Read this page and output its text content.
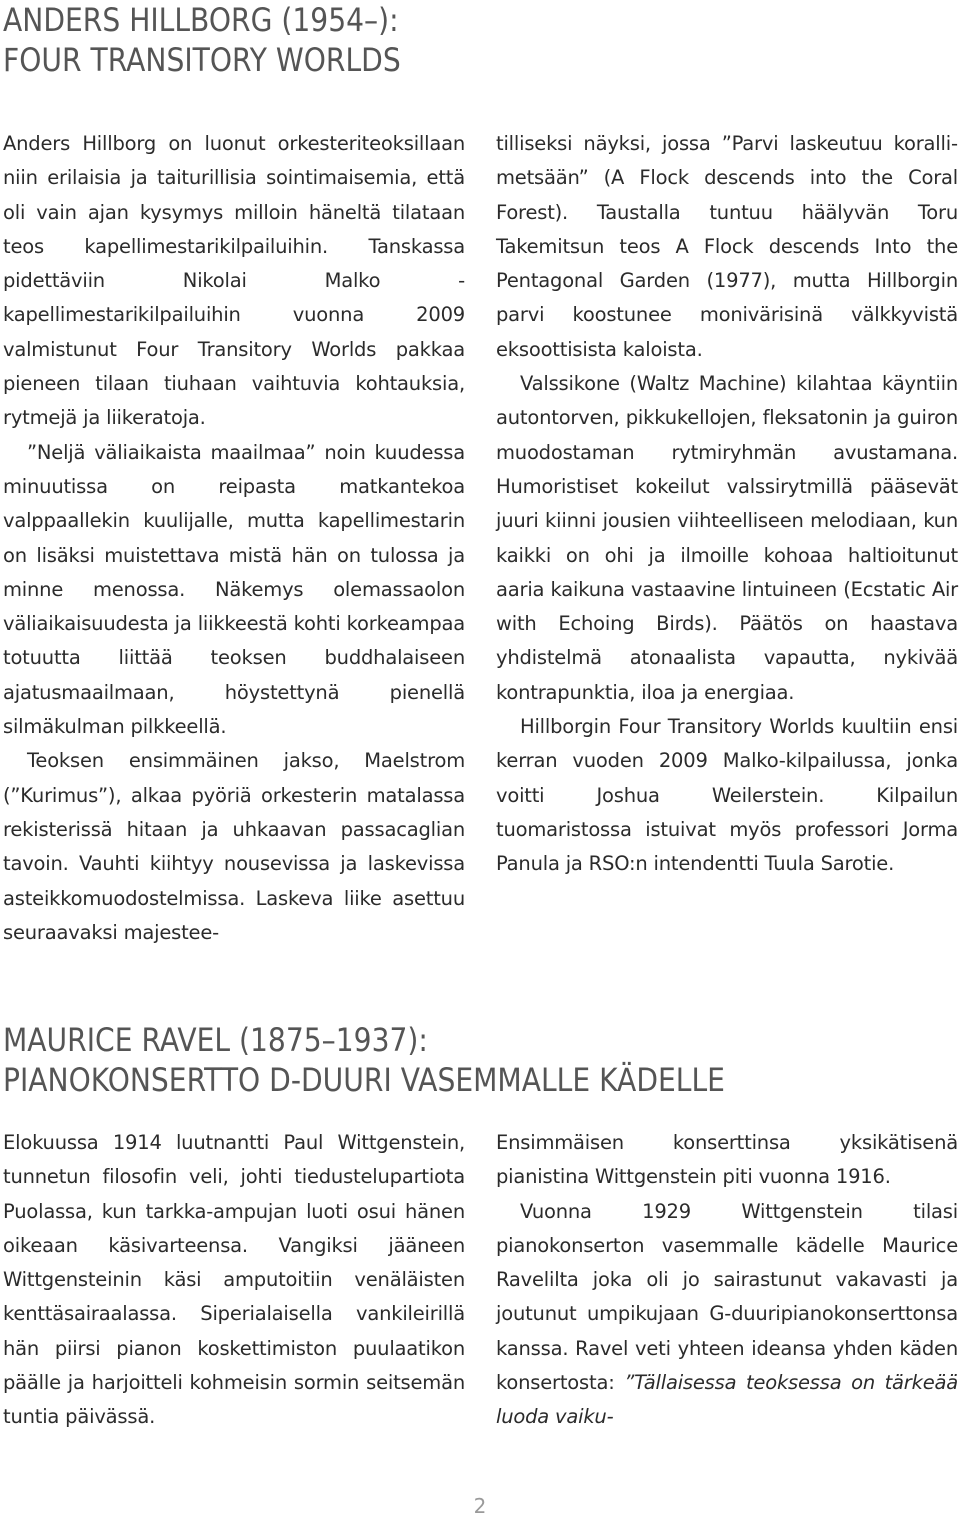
ANDERS HILLBORG (1954–):
FOUR TRANSITORY WORLDS

Anders Hillborg on luonut orkesteriteoksillaan niin erilaisia ja taiturillisia sointimaisemia, että oli vain ajan kysymys milloin häneltä tilataan teos kapellimestarikilpailuihin. Tanskassa pidettäviin Nikolai Malko -kapellimestarikilpailuihin vuonna 2009 valmistunut Four Transitory Worlds pakkaa pieneen tilaan tiuhaan vaihtuvia kohtauksia, rytmejä ja liikeratoja.

”Neljä väliaikaista maailmaa” noin kuudessa minuutissa on reipasta matkantekoa valppaallekin kuulijalle, mutta kapellimestarin on lisäksi muistettava mistä hän on tulossa ja minne menossa. Näkemys olemassaolon väliaikaisuudesta ja liikkeestä kohti korkeampaa totuutta liittää teoksen buddhalaiseen ajatusmaailmaan, höystettynä pienellä silmäkulman pilkkeellä.

Teoksen ensimmäinen jakso, Maelstrom (”Kurimus”), alkaa pyöriä orkesterin matalassa rekisterissä hitaan ja uhkaavan passacaglian tavoin. Vauhti kiihtyy nousevissa ja laskevissa asteikkomuodostelmissa. Laskeva liike asettuu seuraavaksi majestee-

tilliseksi näyksi, jossa ”Parvi laskeutuu korallimetsään” (A Flock descends into the Coral Forest). Taustalla tuntuu häälyvän Toru Takemitsun teos A Flock descends Into the Pentagonal Garden (1977), mutta Hillborgin parvi koostunee monivärisinä välkkyvistä eksoottisista kaloista.

Valssikone (Waltz Machine) kilahtaa käyntiin autontorven, pikkukellojen, fleksatonin ja guiron muodostaman rytmiryhmän avustamana. Humoristiset kokeilut valssirytmillä pääsevät juuri kiinni jousien viihteelliseen melodiaan, kun kaikki on ohi ja ilmoille kohoaa haltioitunut aaria kaikuna vastaavine lintuineen (Ecstatic Air with Echoing Birds). Päätös on haastava yhdistelmä atonaalista vapautta, nykivää kontrapunktia, iloa ja energiaa.

Hillborgin Four Transitory Worlds kuultiin ensi kerran vuoden 2009 Malko-kilpailussa, jonka voitti Joshua Weilerstein. Kilpailun tuomaristossa istuivat myös professori Jorma Panula ja RSO:n intendentti Tuula Sarotie.

MAURICE RAVEL (1875–1937):
PIANOKONSERTTO D-DUURI VASEMMALLE KÄDELLE

Elokuussa 1914 luutnantti Paul Wittgenstein, tunnetun filosofin veli, johti tiedustelupartiota Puolassa, kun tarkka-ampujan luoti osui hänen oikeaan käsivarteensa. Vangiksi jääneen Wittgensteinin käsi amputoitiin venäläisten kenttäsairaalassa. Siperialaisella vankileirillä hän piirsi pianon koskettimiston puulaatikon päälle ja harjoitteli kohmeisin sormin seitsemän tuntia päivässä.

Ensimmäisen konserttinsa yksikätisenä pianistina Wittgenstein piti vuonna 1916.

Vuonna 1929 Wittgenstein tilasi pianokonserton vasemmalle kädelle Maurice Ravelilta joka oli jo sairastunut vakavasti ja joutunut umpikujaan G-duuripianokonserttonsa kanssa. Ravel veti yhteen ideansa yhden käden konsertosta: ”Tällaisessa teoksessa on tärkeää luoda vaiku-

2
